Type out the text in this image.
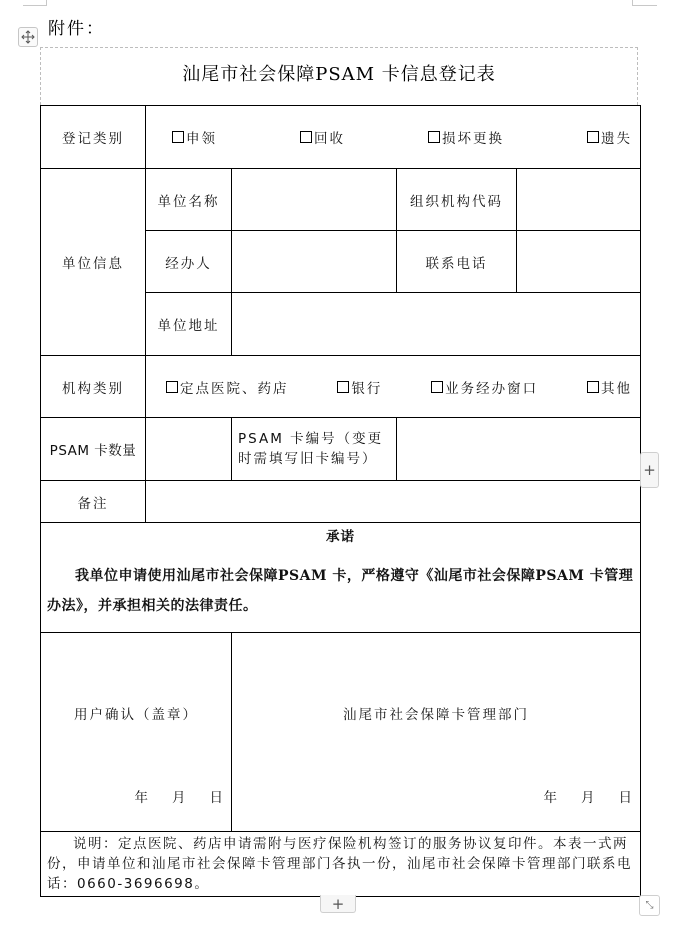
附件：
汕尾市社会保障PSAM 卡信息登记表
登记类别	申领 回收 损坏更换 遗失			

单位信息	单位名称		组织机构代码	
	经办人		联系电话	
	单位地址			
机构类别	定点医院、药店 银行 业务经办窗口 其他			

PSAM 卡数量		PSAM 卡编号（变更时需填写旧卡编号）		
备注				

承诺
我单位申请使用汕尾市社会保障PSAM 卡，严格遵守《汕尾市社会保障PSAM 卡管理办法》，并承担相关的法律责任。				

用户确认（盖章）
年 月 日

汕尾市社会保障卡管理部门
年 月 日

说明：定点医院、药店申请需附与医疗保险机构签订的服务协议复印件。本表一式两份，申请单位和汕尾市社会保障卡管理部门各执一份，汕尾市社会保障卡管理部门联系电话：0660-3696698。				
+
+	⤡
